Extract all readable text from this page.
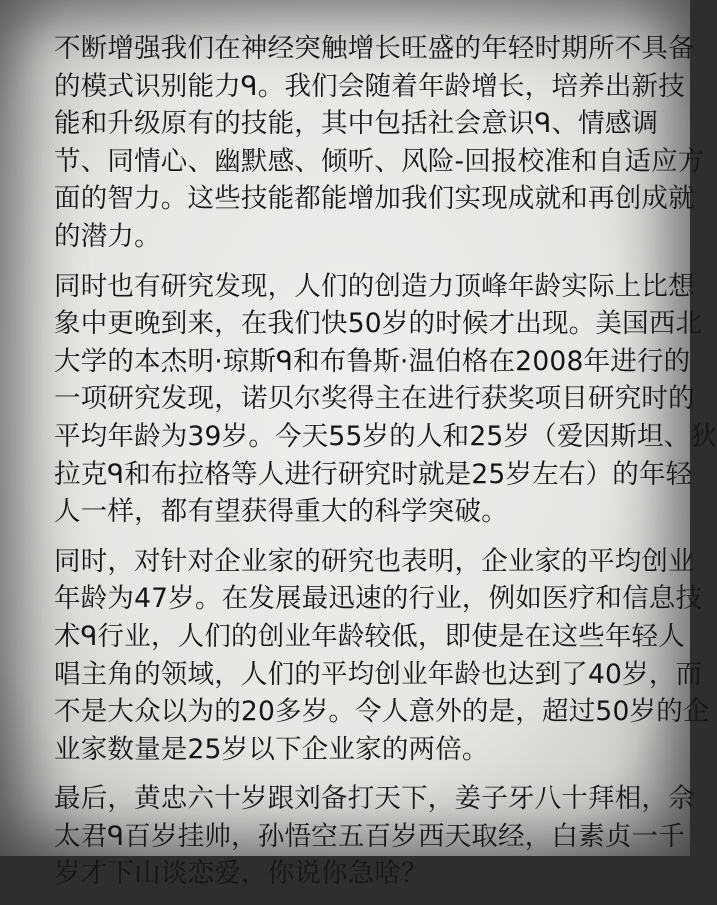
不断增强我们在神经突触增长旺盛的年轻时期所不具备
的模式识别能力ᑫ。我们会随着年龄增长，培养出新技
能和升级原有的技能，其中包括社会意识ᑫ、情感调
节、同情心、幽默感、倾听、风险-回报校准和自适应方
面的智力。这些技能都能增加我们实现成就和再创成就
的潜力。

同时也有研究发现，人们的创造力顶峰年龄实际上比想
象中更晚到来，在我们快50岁的时候才出现。美国西北
大学的本杰明·琼斯ᑫ和布鲁斯·温伯格在2008年进行的
一项研究发现，诺贝尔奖得主在进行获奖项目研究时的
平均年龄为39岁。今天55岁的人和25岁（爱因斯坦、狄
拉克ᑫ和布拉格等人进行研究时就是25岁左右）的年轻
人一样，都有望获得重大的科学突破。

同时，对针对企业家的研究也表明，企业家的平均创业
年龄为47岁。在发展最迅速的行业，例如医疗和信息技
术ᑫ行业，人们的创业年龄较低，即使是在这些年轻人
唱主角的领域，人们的平均创业年龄也达到了40岁，而
不是大众以为的20多岁。令人意外的是，超过50岁的企
业家数量是25岁以下企业家的两倍。

最后，黄忠六十岁跟刘备打天下，姜子牙八十拜相，佘
太君ᑫ百岁挂帅，孙悟空五百岁西天取经，白素贞一千
岁才下山谈恋爱，你说你急啥？
